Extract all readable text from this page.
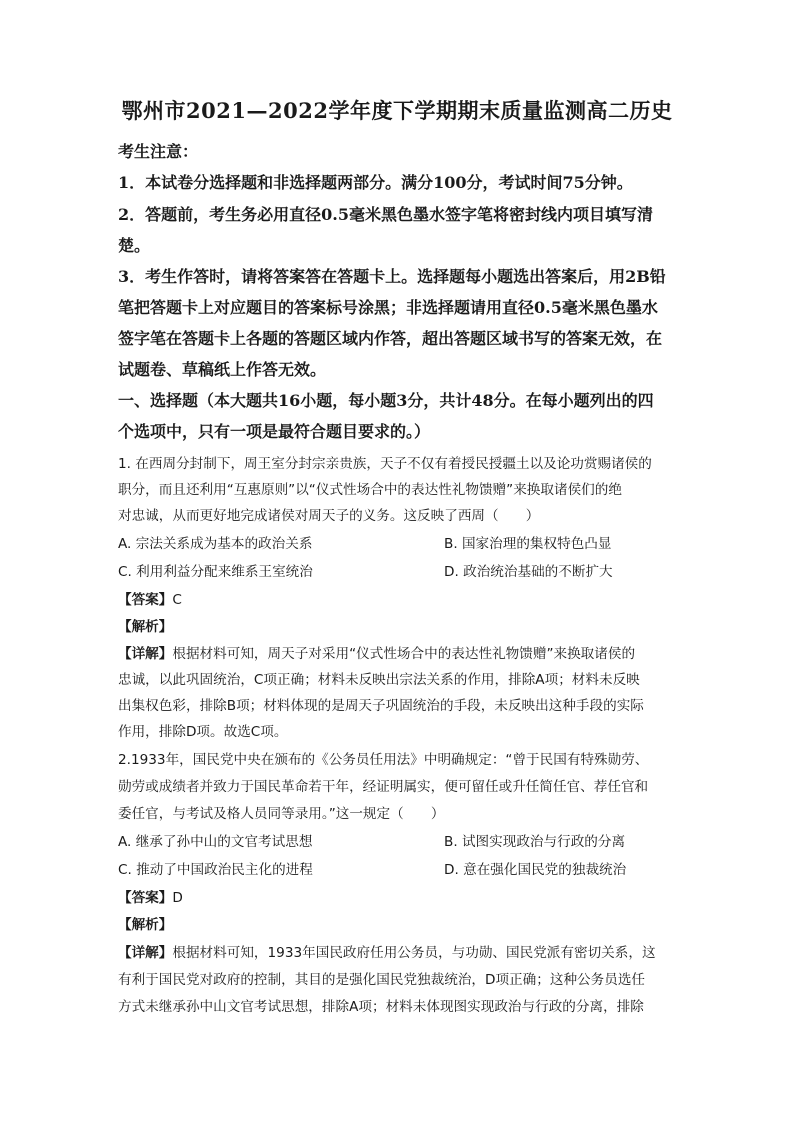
鄂州市2021—2022学年度下学期期末质量监测高二历史
考生注意：
1．本试卷分选择题和非选择题两部分。满分100分，考试时间75分钟。
2．答题前，考生务必用直径0.5毫米黑色墨水签字笔将密封线内项目填写清
楚。
3．考生作答时，请将答案答在答题卡上。选择题每小题选出答案后，用2B铅
笔把答题卡上对应题目的答案标号涂黑；非选择题请用直径0.5毫米黑色墨水
签字笔在答题卡上各题的答题区域内作答，超出答题区域书写的答案无效，在
试题卷、草稿纸上作答无效。
一、选择题（本大题共16小题，每小题3分，共计48分。在每小题列出的四
个选项中，只有一项是最符合题目要求的。）
1. 在西周分封制下，周王室分封宗亲贵族，天子不仅有着授民授疆土以及论功赏赐诸侯的
职分，而且还利用“互惠原则”以“仪式性场合中的表达性礼物馈赠”来换取诸侯们的绝
对忠诚，从而更好地完成诸侯对周天子的义务。这反映了西周（　　）
A. 宗法关系成为基本的政治关系	B. 国家治理的集权特色凸显
C. 利用利益分配来维系王室统治	D. 政治统治基础的不断扩大
【答案】C
【解析】
【详解】根据材料可知，周天子对采用“仪式性场合中的表达性礼物馈赠”来换取诸侯的
忠诚，以此巩固统治，C项正确；材料未反映出宗法关系的作用，排除A项；材料未反映
出集权色彩，排除B项；材料体现的是周天子巩固统治的手段，未反映出这种手段的实际
作用，排除D项。故选C项。
2.1933年，国民党中央在颁布的《公务员任用法》中明确规定：“曾于民国有特殊勋劳、
勋劳或成绩者并致力于国民革命若干年，经证明属实，便可留任或升任简任官、荐任官和
委任官，与考试及格人员同等录用。”这一规定（　　）
A. 继承了孙中山的文官考试思想	B. 试图实现政治与行政的分离
C. 推动了中国政治民主化的进程	D. 意在强化国民党的独裁统治
【答案】D
【解析】
【详解】根据材料可知，1933年国民政府任用公务员，与功勋、国民党派有密切关系，这
有利于国民党对政府的控制，其目的是强化国民党独裁统治，D项正确；这种公务员选任
方式未继承孙中山文官考试思想，排除A项；材料未体现图实现政治与行政的分离，排除
